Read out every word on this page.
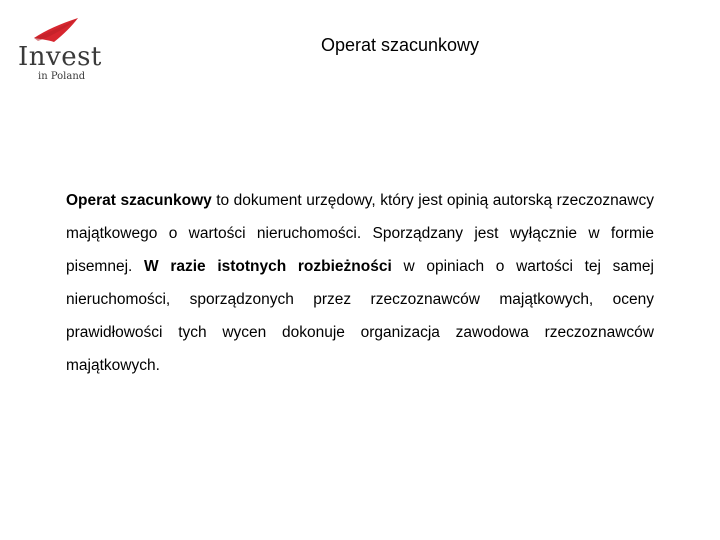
Invest
in Poland
Operat szacunkowy

Operat szacunkowy to dokument urzędowy, który jest opinią autorską rzeczoznawcy majątkowego o wartości nieruchomości. Sporządzany jest wyłącznie w formie pisemnej. W razie istotnych rozbieżności w opiniach o wartości tej samej nieruchomości, sporządzonych przez rzeczoznawców majątkowych, oceny prawidłowości tych wycen dokonuje organizacja zawodowa rzeczoznawców majątkowych.
